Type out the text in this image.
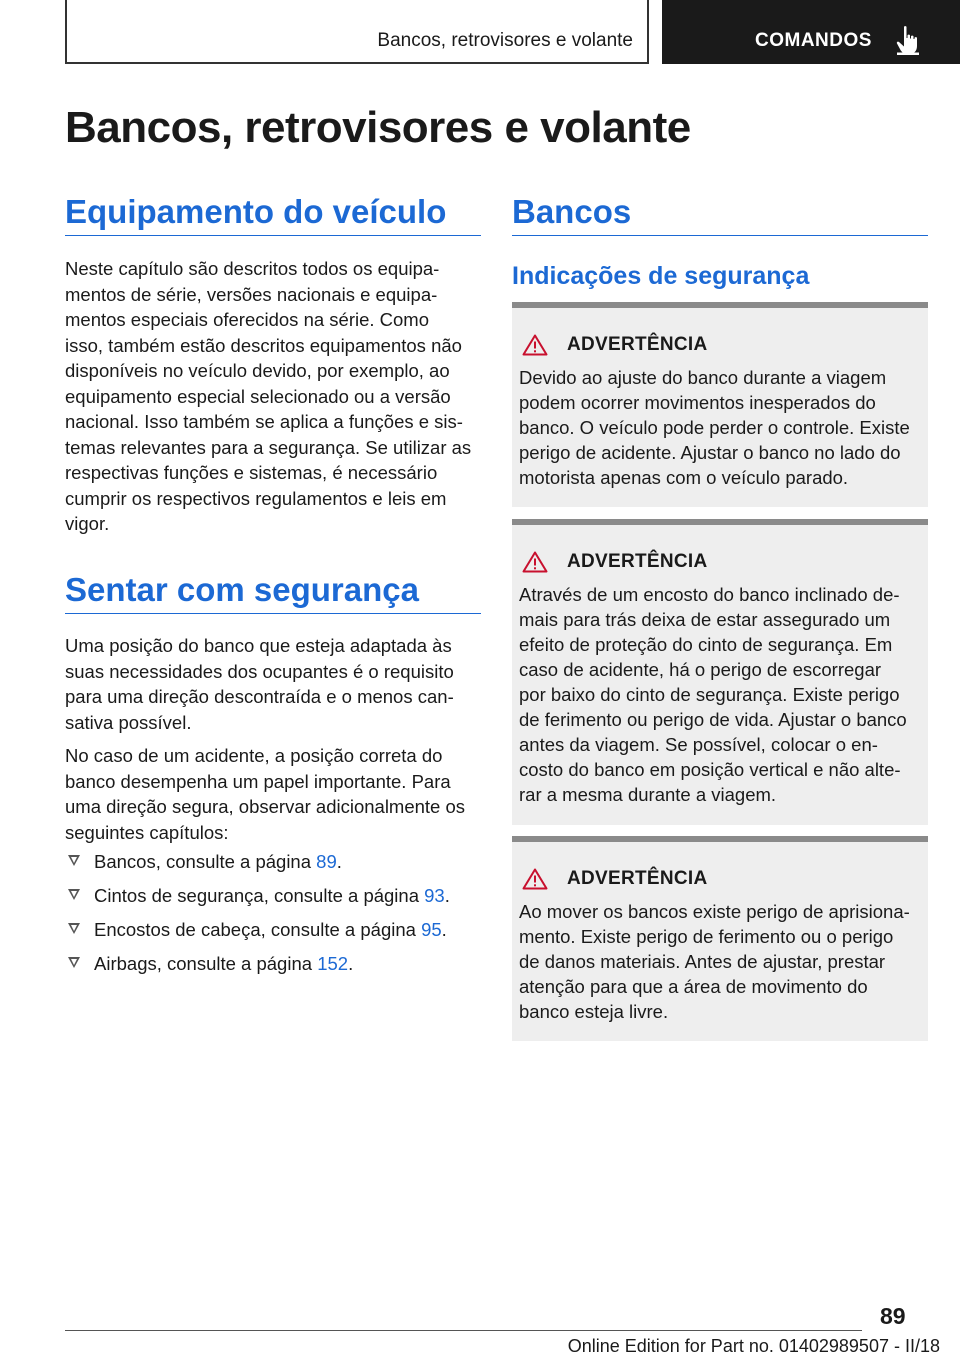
Bancos, retrovisores e volante	COMANDOS
Bancos, retrovisores e volante
Equipamento do veículo
Neste capítulo são descritos todos os equipa-
mentos de série, versões nacionais e equipa-
mentos especiais oferecidos na série. Como
isso, também estão descritos equipamentos não
disponíveis no veículo devido, por exemplo, ao
equipamento especial selecionado ou a versão
nacional. Isso também se aplica a funções e sis-
temas relevantes para a segurança. Se utilizar as
respectivas funções e sistemas, é necessário
cumprir os respectivos regulamentos e leis em
vigor.
Sentar com segurança
Uma posição do banco que esteja adaptada às
suas necessidades dos ocupantes é o requisito
para uma direção descontraída e o menos can-
sativa possível.
No caso de um acidente, a posição correta do
banco desempenha um papel importante. Para
uma direção segura, observar adicionalmente os
seguintes capítulos:
Bancos, consulte a página 89.
Cintos de segurança, consulte a página 93.
Encostos de cabeça, consulte a página 95.
Airbags, consulte a página 152.
Bancos
Indicações de segurança
ADVERTÊNCIA
Devido ao ajuste do banco durante a viagem
podem ocorrer movimentos inesperados do
banco. O veículo pode perder o controle. Existe
perigo de acidente. Ajustar o banco no lado do
motorista apenas com o veículo parado.
ADVERTÊNCIA
Através de um encosto do banco inclinado de-
mais para trás deixa de estar assegurado um
efeito de proteção do cinto de segurança. Em
caso de acidente, há o perigo de escorregar
por baixo do cinto de segurança. Existe perigo
de ferimento ou perigo de vida. Ajustar o banco
antes da viagem. Se possível, colocar o en-
costo do banco em posição vertical e não alte-
rar a mesma durante a viagem.
ADVERTÊNCIA
Ao mover os bancos existe perigo de aprisiona-
mento. Existe perigo de ferimento ou o perigo
de danos materiais. Antes de ajustar, prestar
atenção para que a área de movimento do
banco esteja livre.
89
Online Edition for Part no. 01402989507 - II/18
